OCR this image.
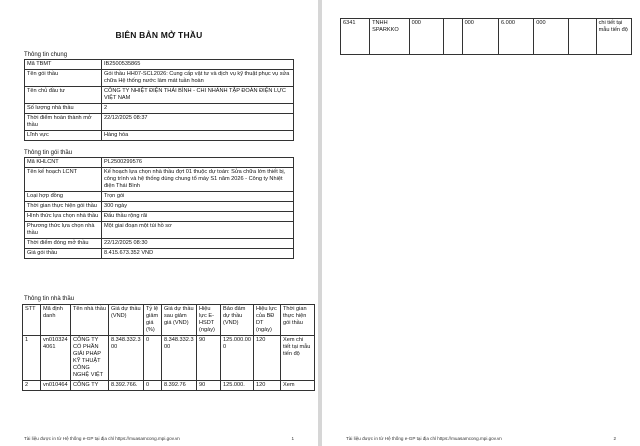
BIÊN BẢN MỞ THẦU
Thông tin chung
Mã TBMT	IB2500535865
Tên gói thầu	Gói thầu HH07-SCL2026: Cung cấp vật tư và dịch vụ kỹ thuật phục vụ sửa chữa Hệ thống nước làm mát tuần hoàn
Tên chủ đầu tư	CÔNG TY NHIỆT ĐIỆN THÁI BÌNH - CHI NHÁNH TẬP ĐOÀN ĐIỆN LỰC VIỆT NAM
Số lượng nhà thầu	2
Thời điểm hoàn thành mở thầu	22/12/2025 08:37
Lĩnh vực	Hàng hóa
Thông tin gói thầu
Mã KHLCNT	PL2500299576
Tên kế hoạch LCNT	Kế hoạch lựa chọn nhà thầu đợt 01 thuộc dự toán: Sửa chữa lớn thiết bị, công trình và hệ thống dùng chung tổ máy S1 năm 2026 - Công ty Nhiệt điện Thái Bình
Loại hợp đồng	Trọn gói
Thời gian thực hiện gói thầu	300 ngày
Hình thức lựa chọn nhà thầu	Đấu thầu rộng rãi
Phương thức lựa chọn nhà thầu	Một giai đoạn một túi hồ sơ
Thời điểm đóng mở thầu	22/12/2025 08:30
Giá gói thầu	8.415.673.352 VND
Thông tin nhà thầu
STT	Mã định danh	Tên nhà thầu	Giá dự thầu (VND)	Tỷ lệ giảm giá (%)	Giá dự thầu sau giảm giá (VND)	Hiệu lực E-HSDT (ngày)	Bảo đảm dự thầu (VND)	Hiệu lực của BĐ DT (ngày)	Thời gian thực hiện gói thầu
1	vn0103244061	CÔNG TY CỔ PHẦN GIẢI PHÁP KỸ THUẬT CÔNG NGHỆ VIỆT	8.348.332.300	0	8.348.332.300	90	125.000.000	120	Xem chi tiết tại mẫu tiến độ
2	vn010464	CÔNG TY	8.392.766.	0	8.392.76	90	125.000.	120	Xem
Tài liệu được in từ Hệ thống e-GP tại địa chỉ https://muasamcong.mpi.gov.vn	1
6341	TNHH SPARKKO	000		000	6.000	000		chi tiết tại mẫu tiến độ
Tài liệu được in từ Hệ thống e-GP tại địa chỉ https://muasamcong.mpi.gov.vn	2
